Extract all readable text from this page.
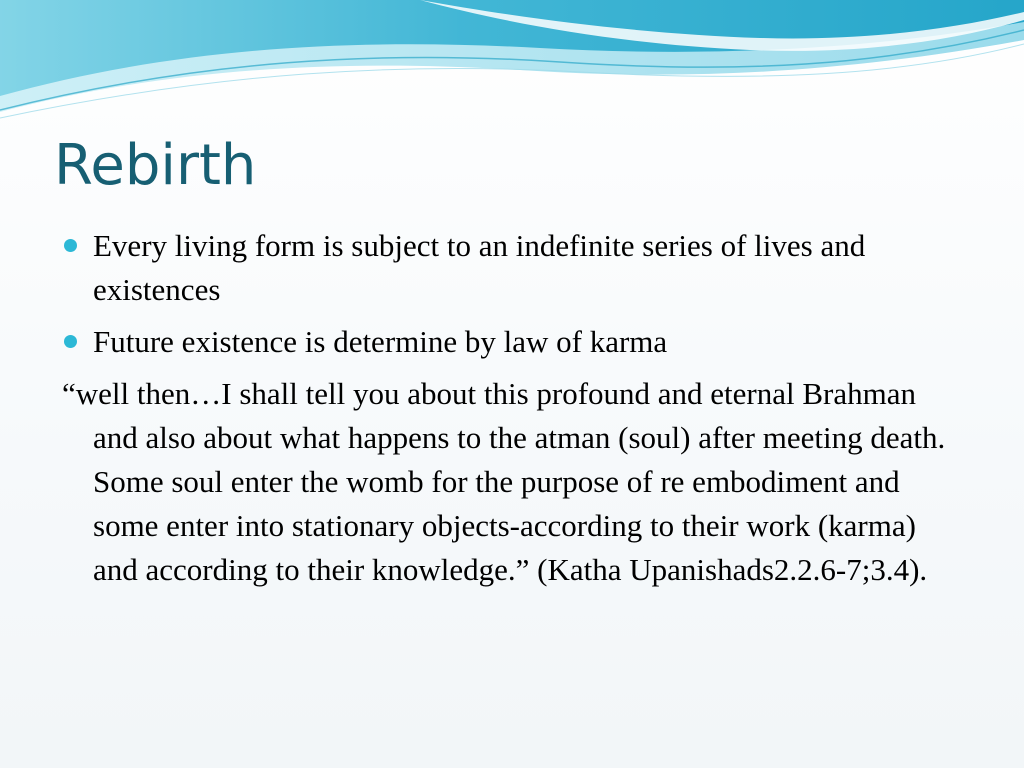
Rebirth
Every living form is subject to an indefinite series of lives and existences
Future existence is determine by law of karma

“well then…I shall tell you about this profound and eternal Brahman and also about what happens to the atman (soul) after meeting death. Some soul enter the womb for the purpose of re embodiment and some enter into stationary objects-according to their work (karma) and according to their knowledge.” (Katha Upanishads2.2.6-7;3.4).
